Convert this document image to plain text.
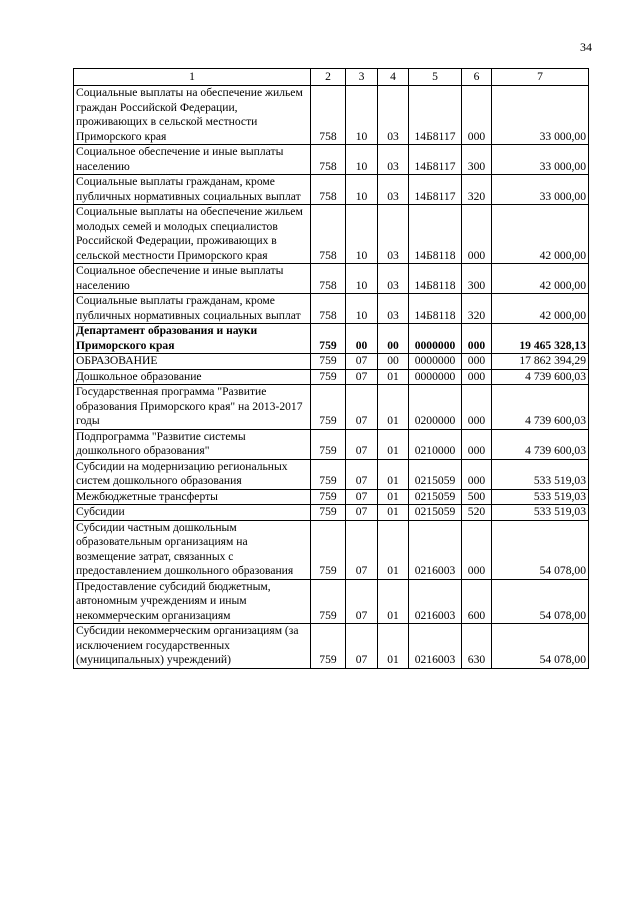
34
1	2	3	4	5	6	7
Социальные выплаты на обеспечение жильем граждан Российской Федерации, проживающих в сельской местности Приморского края	758	10	03	14Б8117	000	33 000,00
Социальное обеспечение и иные выплаты населению	758	10	03	14Б8117	300	33 000,00
Социальные выплаты гражданам, кроме публичных нормативных социальных выплат	758	10	03	14Б8117	320	33 000,00
Социальные выплаты на обеспечение жильем молодых семей и молодых специалистов Российской Федерации, проживающих в сельской местности Приморского края	758	10	03	14Б8118	000	42 000,00
Социальное обеспечение и иные выплаты населению	758	10	03	14Б8118	300	42 000,00
Социальные выплаты гражданам, кроме публичных нормативных социальных выплат	758	10	03	14Б8118	320	42 000,00
Департамент образования и науки Приморского края	759	00	00	0000000	000	19 465 328,13
ОБРАЗОВАНИЕ	759	07	00	0000000	000	17 862 394,29
Дошкольное образование	759	07	01	0000000	000	4 739 600,03
Государственная программа "Развитие образования Приморского края" на 2013-2017 годы	759	07	01	0200000	000	4 739 600,03
Подпрограмма "Развитие системы дошкольного образования"	759	07	01	0210000	000	4 739 600,03
Субсидии на модернизацию региональных систем дошкольного образования	759	07	01	0215059	000	533 519,03
Межбюджетные трансферты	759	07	01	0215059	500	533 519,03
Субсидии	759	07	01	0215059	520	533 519,03
Субсидии частным дошкольным образовательным организациям на возмещение затрат, связанных с предоставлением дошкольного образования	759	07	01	0216003	000	54 078,00
Предоставление субсидий бюджетным, автономным учреждениям и иным некоммерческим организациям	759	07	01	0216003	600	54 078,00
Субсидии некоммерческим организациям (за исключением государственных (муниципальных) учреждений)	759	07	01	0216003	630	54 078,00
